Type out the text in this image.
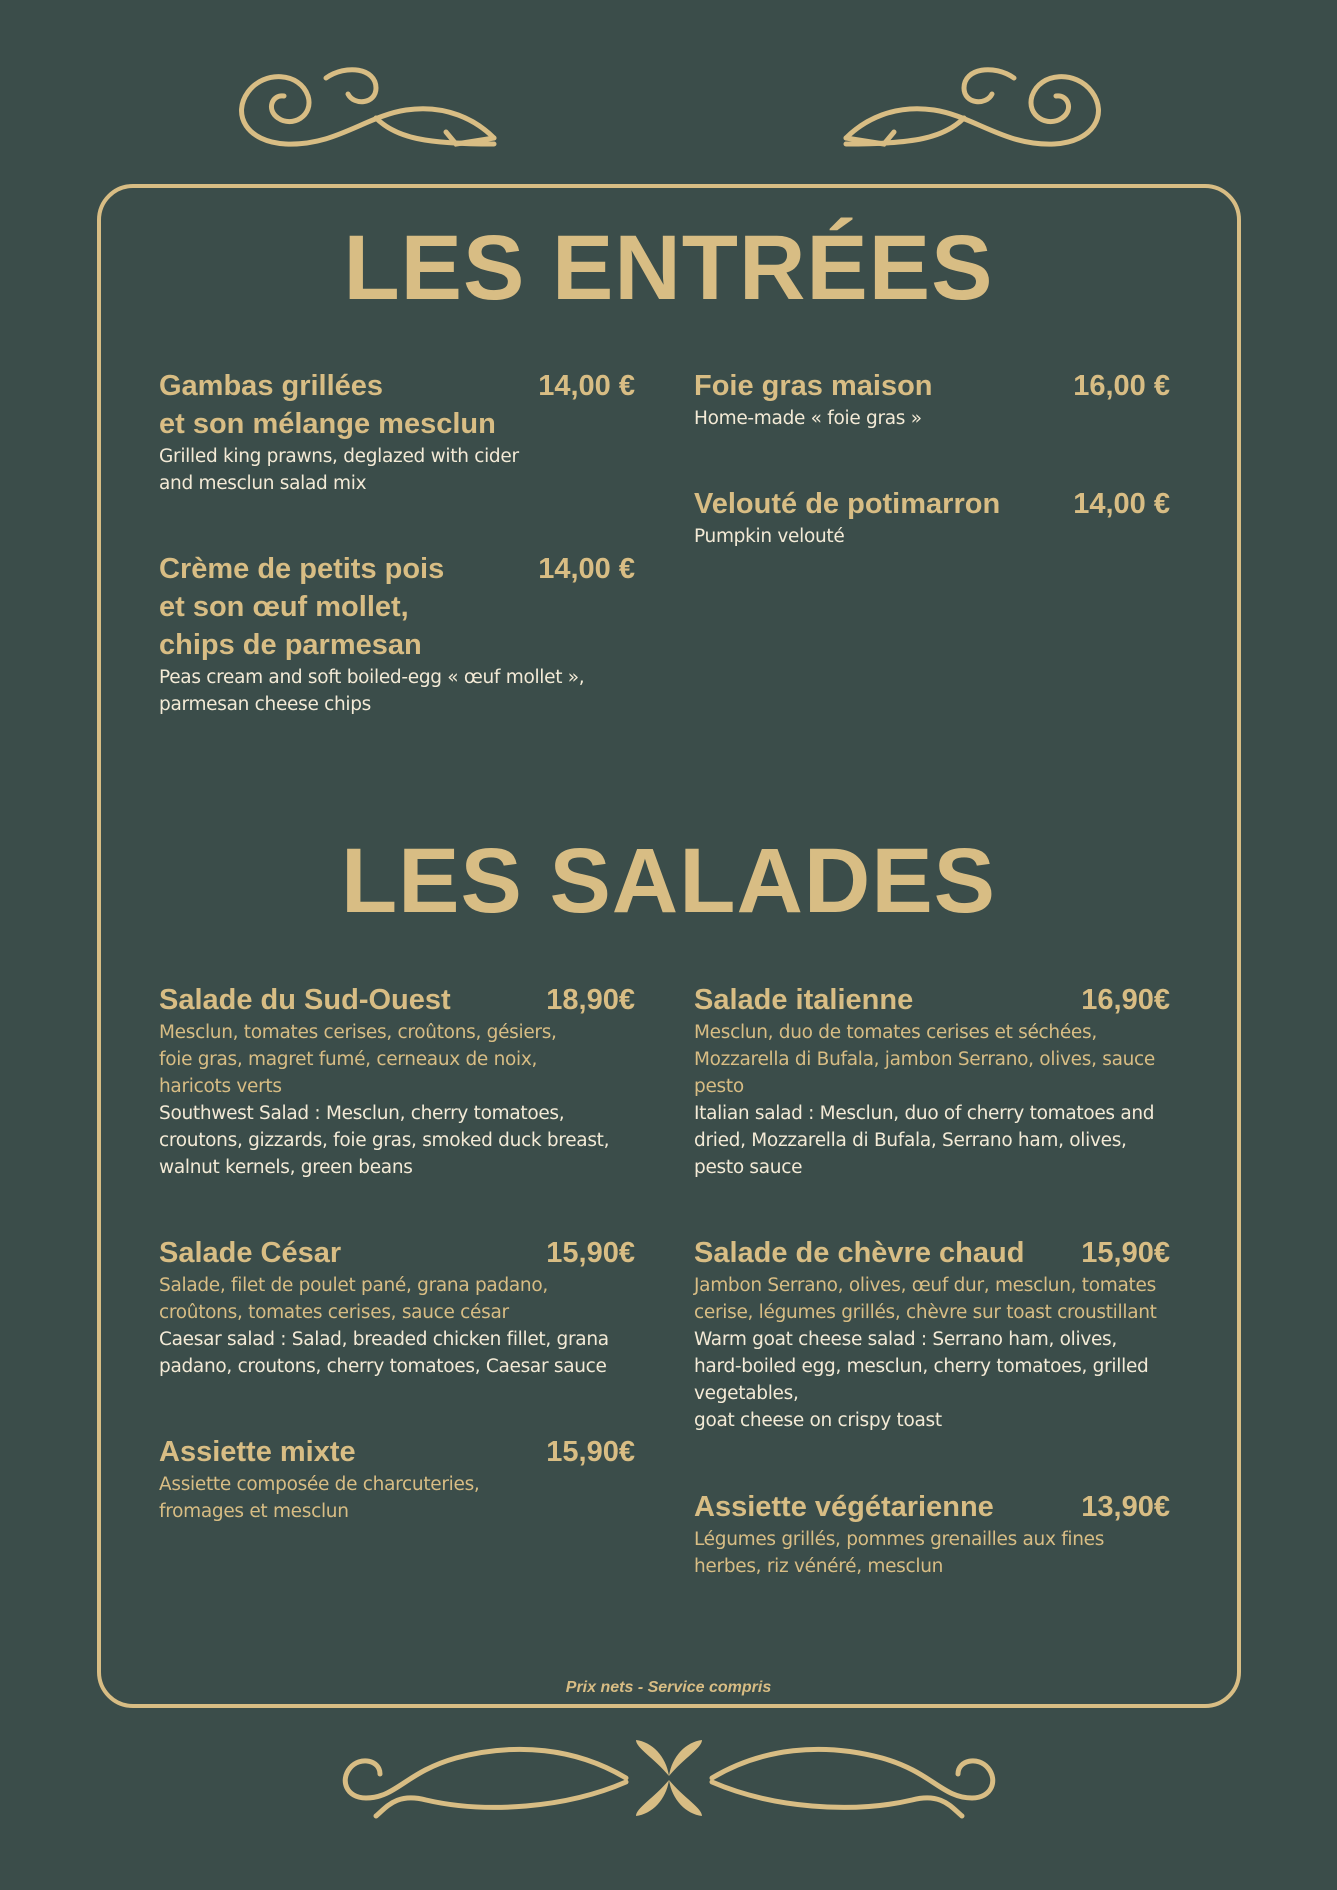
LES ENTRÉES
Gambas grillées
et son mélange mesclun
14,00 €
Grilled king prawns, deglazed with cider and mesclun salad mix
Crème de petits pois
et son œuf mollet,
chips de parmesan
14,00 €
Peas cream and soft boiled-egg « œuf mollet », parmesan cheese chips
Foie gras maison	16,00 €
Home-made « foie gras »
Velouté de potimarron	14,00 €
Pumpkin velouté
LES SALADES
Salade du Sud-Ouest	18,90€
Mesclun, tomates cerises, croûtons, gésiers, foie gras, magret fumé, cerneaux de noix, haricots verts
Southwest Salad : Mesclun, cherry tomatoes, croutons, gizzards, foie gras, smoked duck breast, walnut kernels, green beans
Salade César	15,90€
Salade, filet de poulet pané, grana padano, croûtons, tomates cerises, sauce césar
Caesar salad : Salad, breaded chicken fillet, grana padano, croutons, cherry tomatoes, Caesar sauce
Assiette mixte	15,90€
Assiette composée de charcuteries, fromages et mesclun
Salade italienne	16,90€
Mesclun, duo de tomates cerises et séchées, Mozzarella di Bufala, jambon Serrano, olives, sauce pesto
Italian salad : Mesclun, duo of cherry tomatoes and dried, Mozzarella di Bufala, Serrano ham, olives, pesto sauce
Salade de chèvre chaud 15,90€
Jambon Serrano, olives, œuf dur, mesclun, tomates cerise, légumes grillés, chèvre sur toast croustillant
Warm goat cheese salad : Serrano ham, olives, hard-boiled egg, mesclun, cherry tomatoes, grilled vegetables,
goat cheese on crispy toast
Assiette végétarienne	13,90€
Légumes grillés, pommes grenailles aux fines herbes, riz vénéré, mesclun
Prix nets - Service compris
